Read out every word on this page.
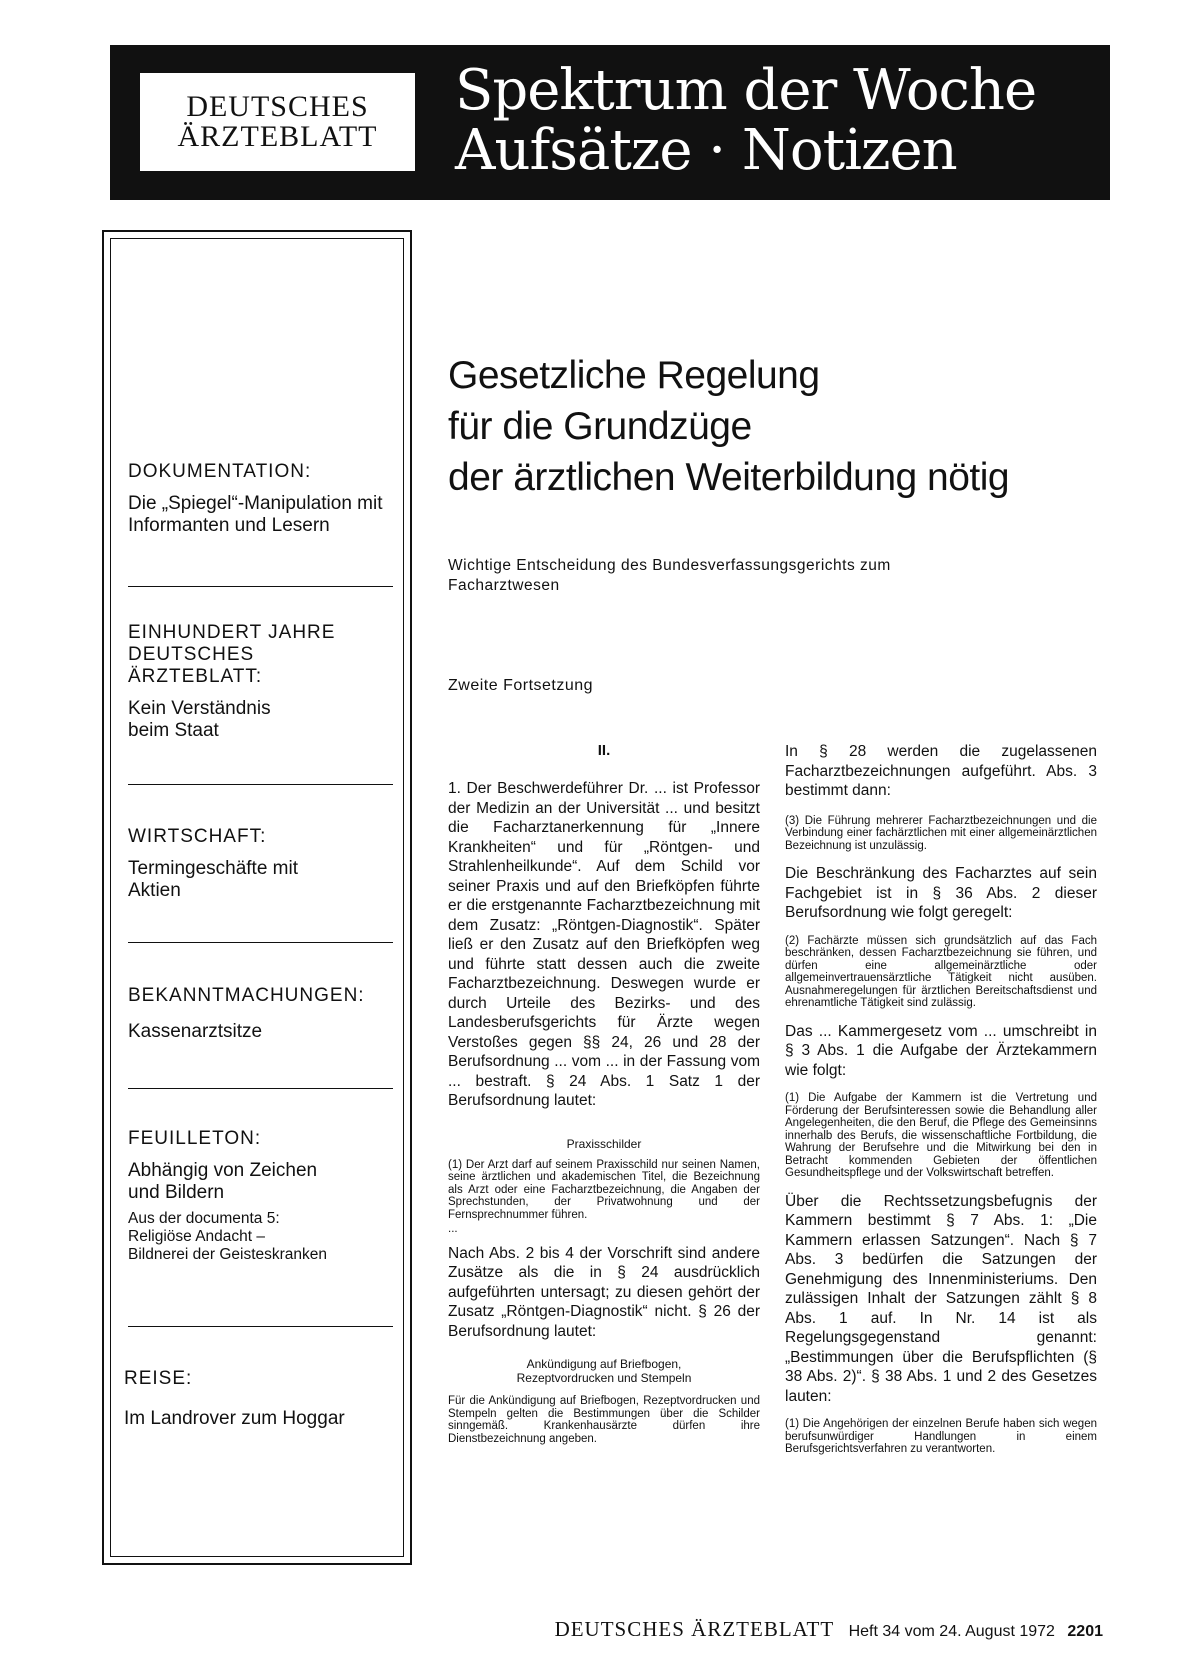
DEUTSCHES
ÄRZTEBLATT
Spektrum der Woche
Aufsätze · Notizen
DOKUMENTATION:
Die „Spiegel“-Manipulation mit Informanten und Lesern
EINHUNDERT JAHRE DEUTSCHES ÄRZTEBLATT:
Kein Verständnis beim Staat
WIRTSCHAFT:
Termingeschäfte mit Aktien
BEKANNTMACHUNGEN:
Kassenarztsitze
FEUILLETON:
Abhängig von Zeichen und Bildern
Aus der documenta 5: Religiöse Andacht – Bildnerei der Geisteskranken
REISE:
Im Landrover zum Hoggar
Gesetzliche Regelung
für die Grundzüge
der ärztlichen Weiterbildung nötig
Wichtige Entscheidung des Bundesverfassungsgerichts zum Facharztwesen
Zweite Fortsetzung
II.

1. Der Beschwerdeführer Dr. ... ist Professor der Medizin an der Universität ... und besitzt die Facharztanerkennung für „Innere Krankheiten“ und für „Röntgen- und Strahlenheilkunde“. Auf dem Schild vor seiner Praxis und auf den Briefköpfen führte er die erstgenannte Facharztbezeichnung mit dem Zusatz: „Röntgen-Diagnostik“. Später ließ er den Zusatz auf den Briefköpfen weg und führte statt dessen auch die zweite Facharztbezeichnung. Deswegen wurde er durch Urteile des Bezirks- und des Landesberufsgerichts für Ärzte wegen Verstoßes gegen §§ 24, 26 und 28 der Berufsordnung ... vom ... in der Fassung vom ... bestraft. § 24 Abs. 1 Satz 1 der Berufsordnung lautet:

Praxisschilder

(1) Der Arzt darf auf seinem Praxisschild nur seinen Namen, seine ärztlichen und akademischen Titel, die Bezeichnung als Arzt oder eine Facharztbezeichnung, die Angaben der Sprechstunden, der Privatwohnung und der Fernsprechnummer führen.

...

Nach Abs. 2 bis 4 der Vorschrift sind andere Zusätze als die in § 24 ausdrücklich aufgeführten untersagt; zu diesen gehört der Zusatz „Röntgen-Diagnostik“ nicht. § 26 der Berufsordnung lautet:

Ankündigung auf Briefbogen,
Rezeptvordrucken und Stempeln

Für die Ankündigung auf Briefbogen, Rezeptvordrucken und Stempeln gelten die Bestimmungen über die Schilder sinngemäß. Krankenhausärzte dürfen ihre Dienstbezeichnung angeben.

In § 28 werden die zugelassenen Facharztbezeichnungen aufgeführt. Abs. 3 bestimmt dann:

(3) Die Führung mehrerer Facharztbezeichnungen und die Verbindung einer fachärztlichen mit einer allgemeinärztlichen Bezeichnung ist unzulässig.

Die Beschränkung des Facharztes auf sein Fachgebiet ist in § 36 Abs. 2 dieser Berufsordnung wie folgt geregelt:

(2) Fachärzte müssen sich grundsätzlich auf das Fach beschränken, dessen Facharztbezeichnung sie führen, und dürfen eine allgemeinärztliche oder allgemeinvertrauensärztliche Tätigkeit nicht ausüben. Ausnahmeregelungen für ärztlichen Bereitschaftsdienst und ehrenamtliche Tätigkeit sind zulässig.

Das ... Kammergesetz vom ... umschreibt in § 3 Abs. 1 die Aufgabe der Ärztekammern wie folgt:

(1) Die Aufgabe der Kammern ist die Vertretung und Förderung der Berufsinteressen sowie die Behandlung aller Angelegenheiten, die den Beruf, die Pflege des Gemeinsinns innerhalb des Berufs, die wissenschaftliche Fortbildung, die Wahrung der Berufsehre und die Mitwirkung bei den in Betracht kommenden Gebieten der öffentlichen Gesundheitspflege und der Volkswirtschaft betreffen.

Über die Rechtssetzungsbefugnis der Kammern bestimmt § 7 Abs. 1: „Die Kammern erlassen Satzungen“. Nach § 7 Abs. 3 bedürfen die Satzungen der Genehmigung des Innenministeriums. Den zulässigen Inhalt der Satzungen zählt § 8 Abs. 1 auf. In Nr. 14 ist als Regelungsgegenstand genannt: „Bestimmungen über die Berufspflichten (§ 38 Abs. 2)“. § 38 Abs. 1 und 2 des Gesetzes lauten:

(1) Die Angehörigen der einzelnen Berufe haben sich wegen berufsunwürdiger Handlungen in einem Berufsgerichtsverfahren zu verantworten.

DEUTSCHES ÄRZTEBLATT Heft 34 vom 24. August 1972 2201
